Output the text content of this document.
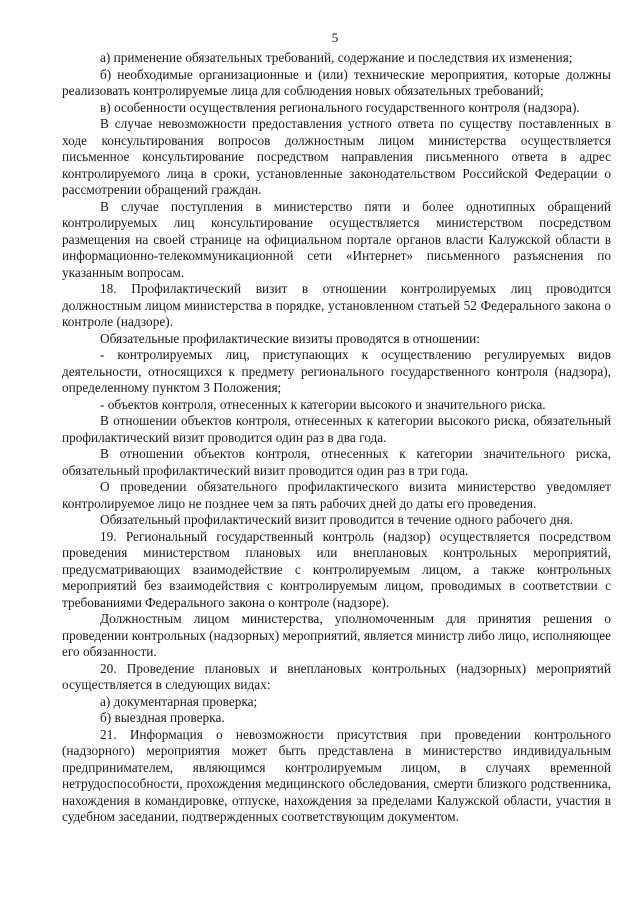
5

а) применение обязательных требований, содержание и последствия их изменения;

б) необходимые организационные и (или) технические мероприятия, которые должны реализовать контролируемые лица для соблюдения новых обязательных требований;

в) особенности осуществления регионального государственного контроля (надзора).

В случае невозможности предоставления устного ответа по существу поставленных в ходе консультирования вопросов должностным лицом министерства осуществляется письменное консультирование посредством направления письменного ответа в адрес контролируемого лица в сроки, установленные законодательством Российской Федерации о рассмотрении обращений граждан.

В случае поступления в министерство пяти и более однотипных обращений контролируемых лиц консультирование осуществляется министерством посредством размещения на своей странице на официальном портале органов власти Калужской области в информационно-телекоммуникационной сети «Интернет» письменного разъяснения по указанным вопросам.

18. Профилактический визит в отношении контролируемых лиц проводится должностным лицом министерства в порядке, установленном статьей 52 Федерального закона о контроле (надзоре).

Обязательные профилактические визиты проводятся в отношении:

- контролируемых лиц, приступающих к осуществлению регулируемых видов деятельности, относящихся к предмету регионального государственного контроля (надзора), определенному пунктом 3 Положения;

- объектов контроля, отнесенных к категории высокого и значительного риска.

В отношении объектов контроля, отнесенных к категории высокого риска, обязательный профилактический визит проводится один раз в два года.

В отношении объектов контроля, отнесенных к категории значительного риска, обязательный профилактический визит проводится один раз в три года.

О проведении обязательного профилактического визита министерство уведомляет контролируемое лицо не позднее чем за пять рабочих дней до даты его проведения.

Обязательный профилактический визит проводится в течение одного рабочего дня.

19. Региональный государственный контроль (надзор) осуществляется посредством проведения министерством плановых или внеплановых контрольных мероприятий, предусматривающих взаимодействие с контролируемым лицом, а также контрольных мероприятий без взаимодействия с контролируемым лицом, проводимых в соответствии с требованиями Федерального закона о контроле (надзоре).

Должностным лицом министерства, уполномоченным для принятия решения о проведении контрольных (надзорных) мероприятий, является министр либо лицо, исполняющее его обязанности.

20. Проведение плановых и внеплановых контрольных (надзорных) мероприятий осуществляется в следующих видах:

а) документарная проверка;

б) выездная проверка.

21. Информация о невозможности присутствия при проведении контрольного (надзорного) мероприятия может быть представлена в министерство индивидуальным предпринимателем, являющимся контролируемым лицом, в случаях временной нетрудоспособности, прохождения медицинского обследования, смерти близкого родственника, нахождения в командировке, отпуске, нахождения за пределами Калужской области, участия в судебном заседании, подтвержденных соответствующим документом.
